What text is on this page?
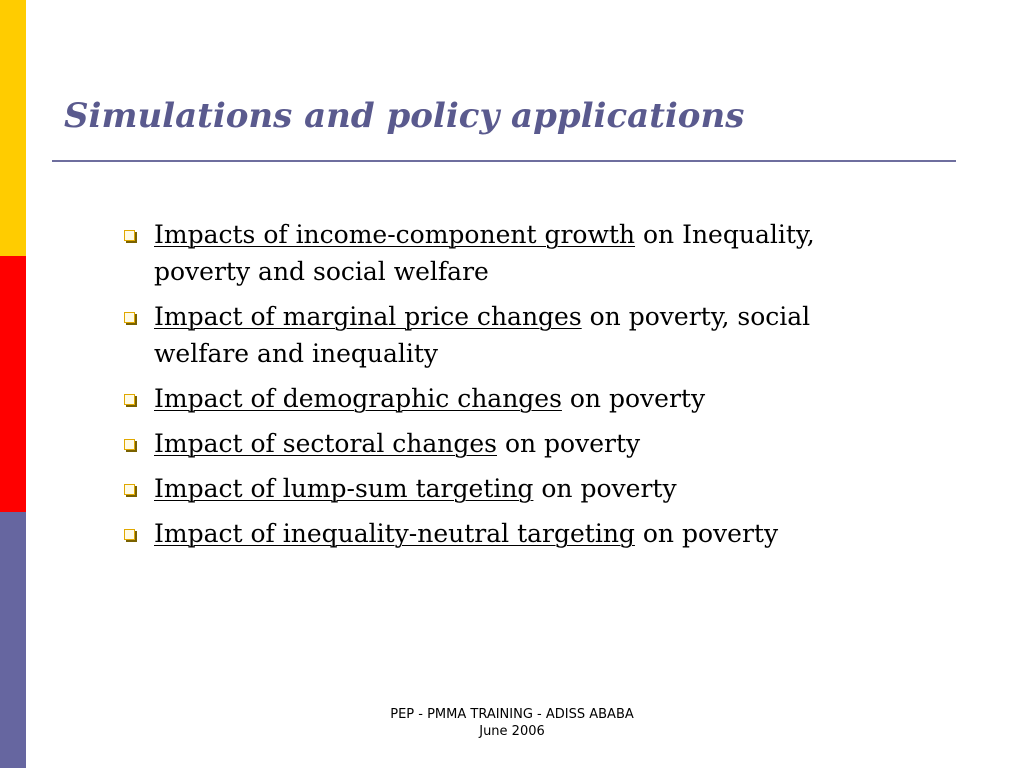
Simulations and policy applications
Impacts of income-component growth on Inequality, poverty and social welfare
Impact of marginal price changes on poverty, social welfare and inequality
Impact of demographic changes on poverty
Impact of sectoral changes on poverty
Impact of lump-sum targeting on poverty
Impact of inequality-neutral targeting on poverty
PEP - PMMA TRAINING - ADISS ABABA
June 2006
